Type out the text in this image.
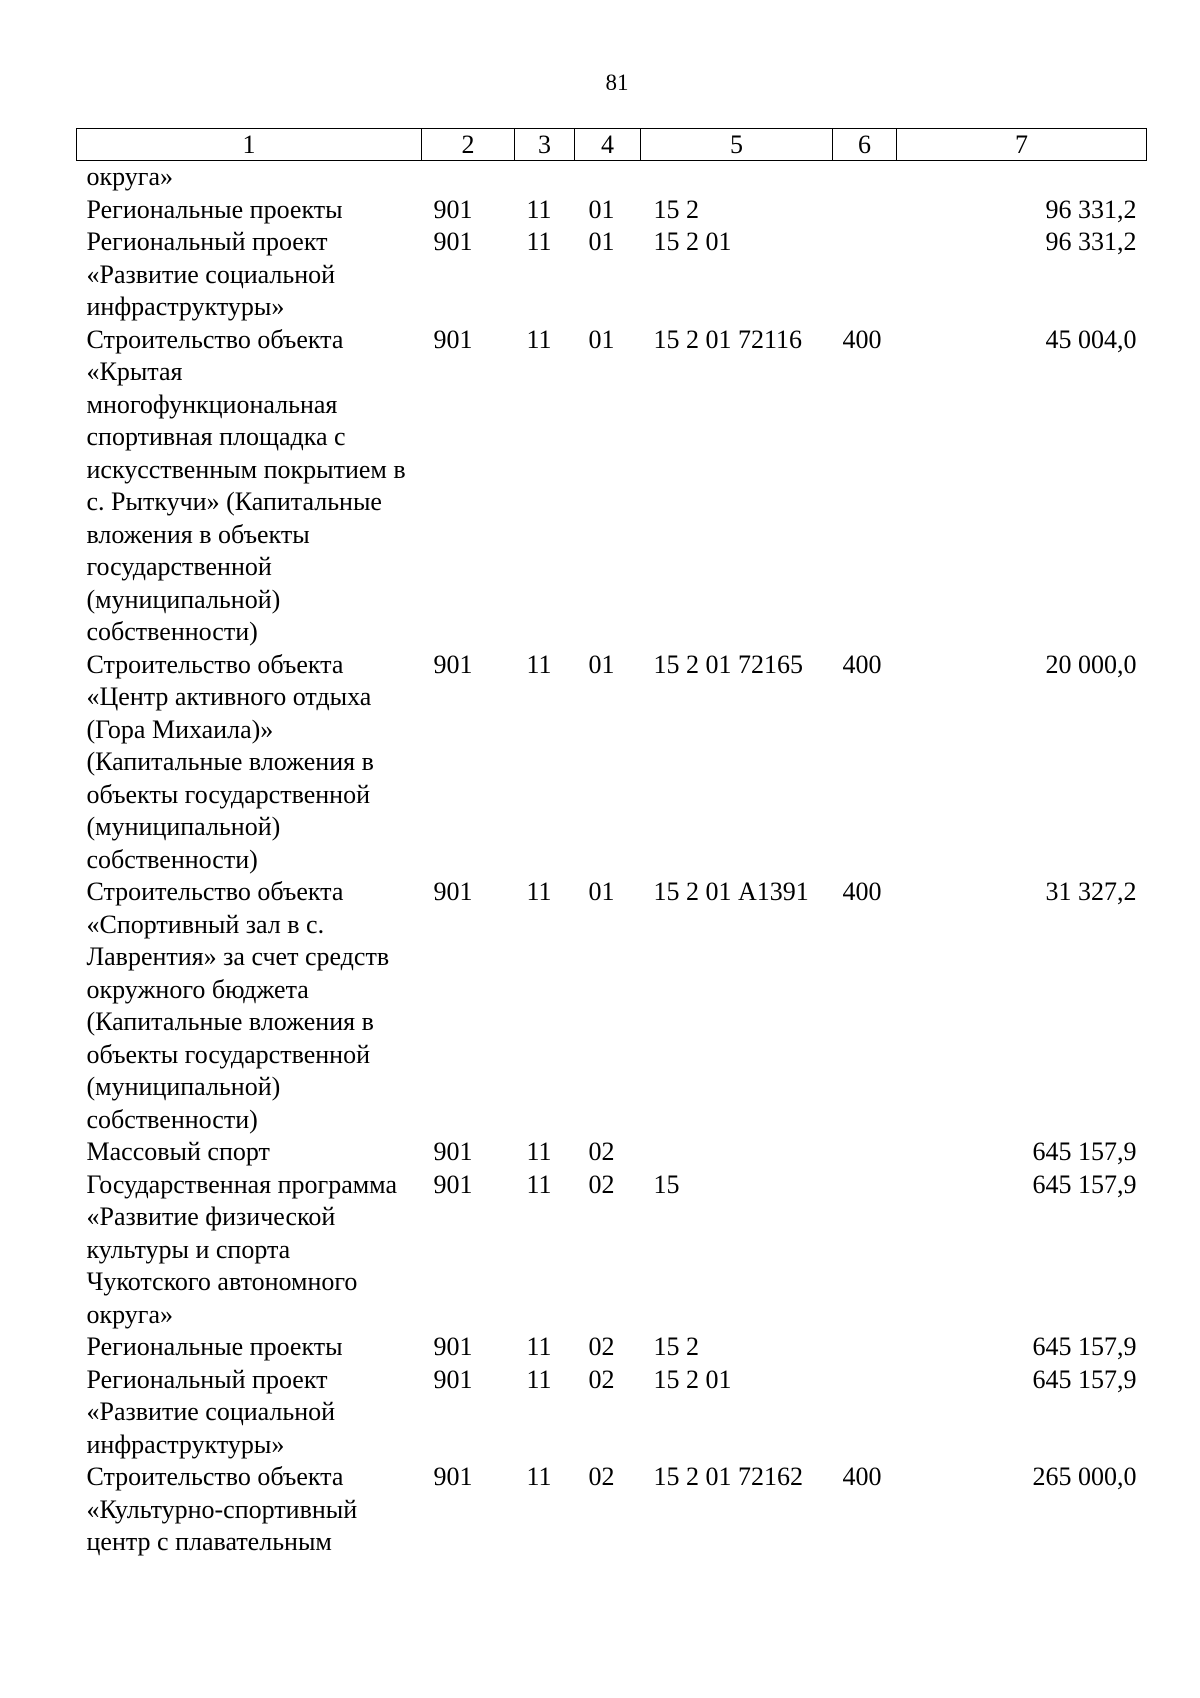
81
1	2	3	4	5	6	7
округа»						
Региональные проекты	901	11	01	15 2		96 331,2
Региональный проект «Развитие социальной инфраструктуры»	901	11	01	15 2 01		96 331,2
Строительство объекта «Крытая многофункциональная спортивная площадка с искусственным покрытием в с. Рыткучи» (Капитальные вложения в объекты государственной (муниципальной) собственности)	901	11	01	15 2 01 72116	400	45 004,0
Строительство объекта «Центр активного отдыха (Гора Михаила)» (Капитальные вложения в объекты государственной (муниципальной) собственности)	901	11	01	15 2 01 72165	400	20 000,0
Строительство объекта «Спортивный зал в с. Лаврентия» за счет средств окружного бюджета (Капитальные вложения в объекты государственной (муниципальной) собственности)	901	11	01	15 2 01 А1391	400	31 327,2
Массовый спорт	901	11	02			645 157,9
Государственная программа «Развитие физической культуры и спорта Чукотского автономного округа»	901	11	02	15		645 157,9
Региональные проекты	901	11	02	15 2		645 157,9
Региональный проект «Развитие социальной инфраструктуры»	901	11	02	15 2 01		645 157,9
Строительство объекта «Культурно-спортивный центр с плавательным	901	11	02	15 2 01 72162	400	265 000,0
